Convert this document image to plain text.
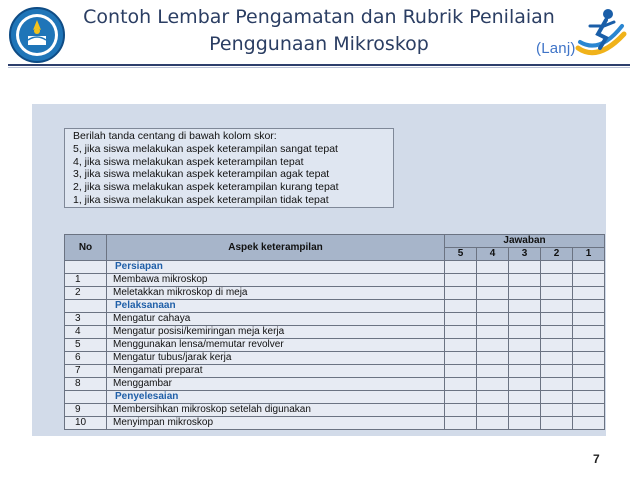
Contoh Lembar Pengamatan dan Rubrik Penilaian
Penggunaan Mikroskop	(Lanj)
Berilah tanda centang di bawah kolom skor:
5, jika siswa melakukan aspek keterampilan sangat tepat
4, jika siswa melakukan aspek keterampilan tepat
3, jika siswa melakukan aspek keterampilan agak tepat
2, jika siswa melakukan aspek keterampilan kurang tepat
1, jika siswa melakukan aspek keterampilan tidak tepat
No	Aspek keterampilan	Jawaban				
		5	4	3	2	1
	Persiapan					
1	Membawa mikroskop					
2	Meletakkan mikroskop di meja					
	Pelaksanaan					
3	Mengatur cahaya					
4	Mengatur posisi/kemiringan meja kerja					
5	Menggunakan lensa/memutar revolver					
6	Mengatur tubus/jarak kerja					
7	Mengamati preparat					
8	Menggambar					
	Penyelesaian					
9	Membersihkan mikroskop setelah digunakan					
10	Menyimpan mikroskop					
7
